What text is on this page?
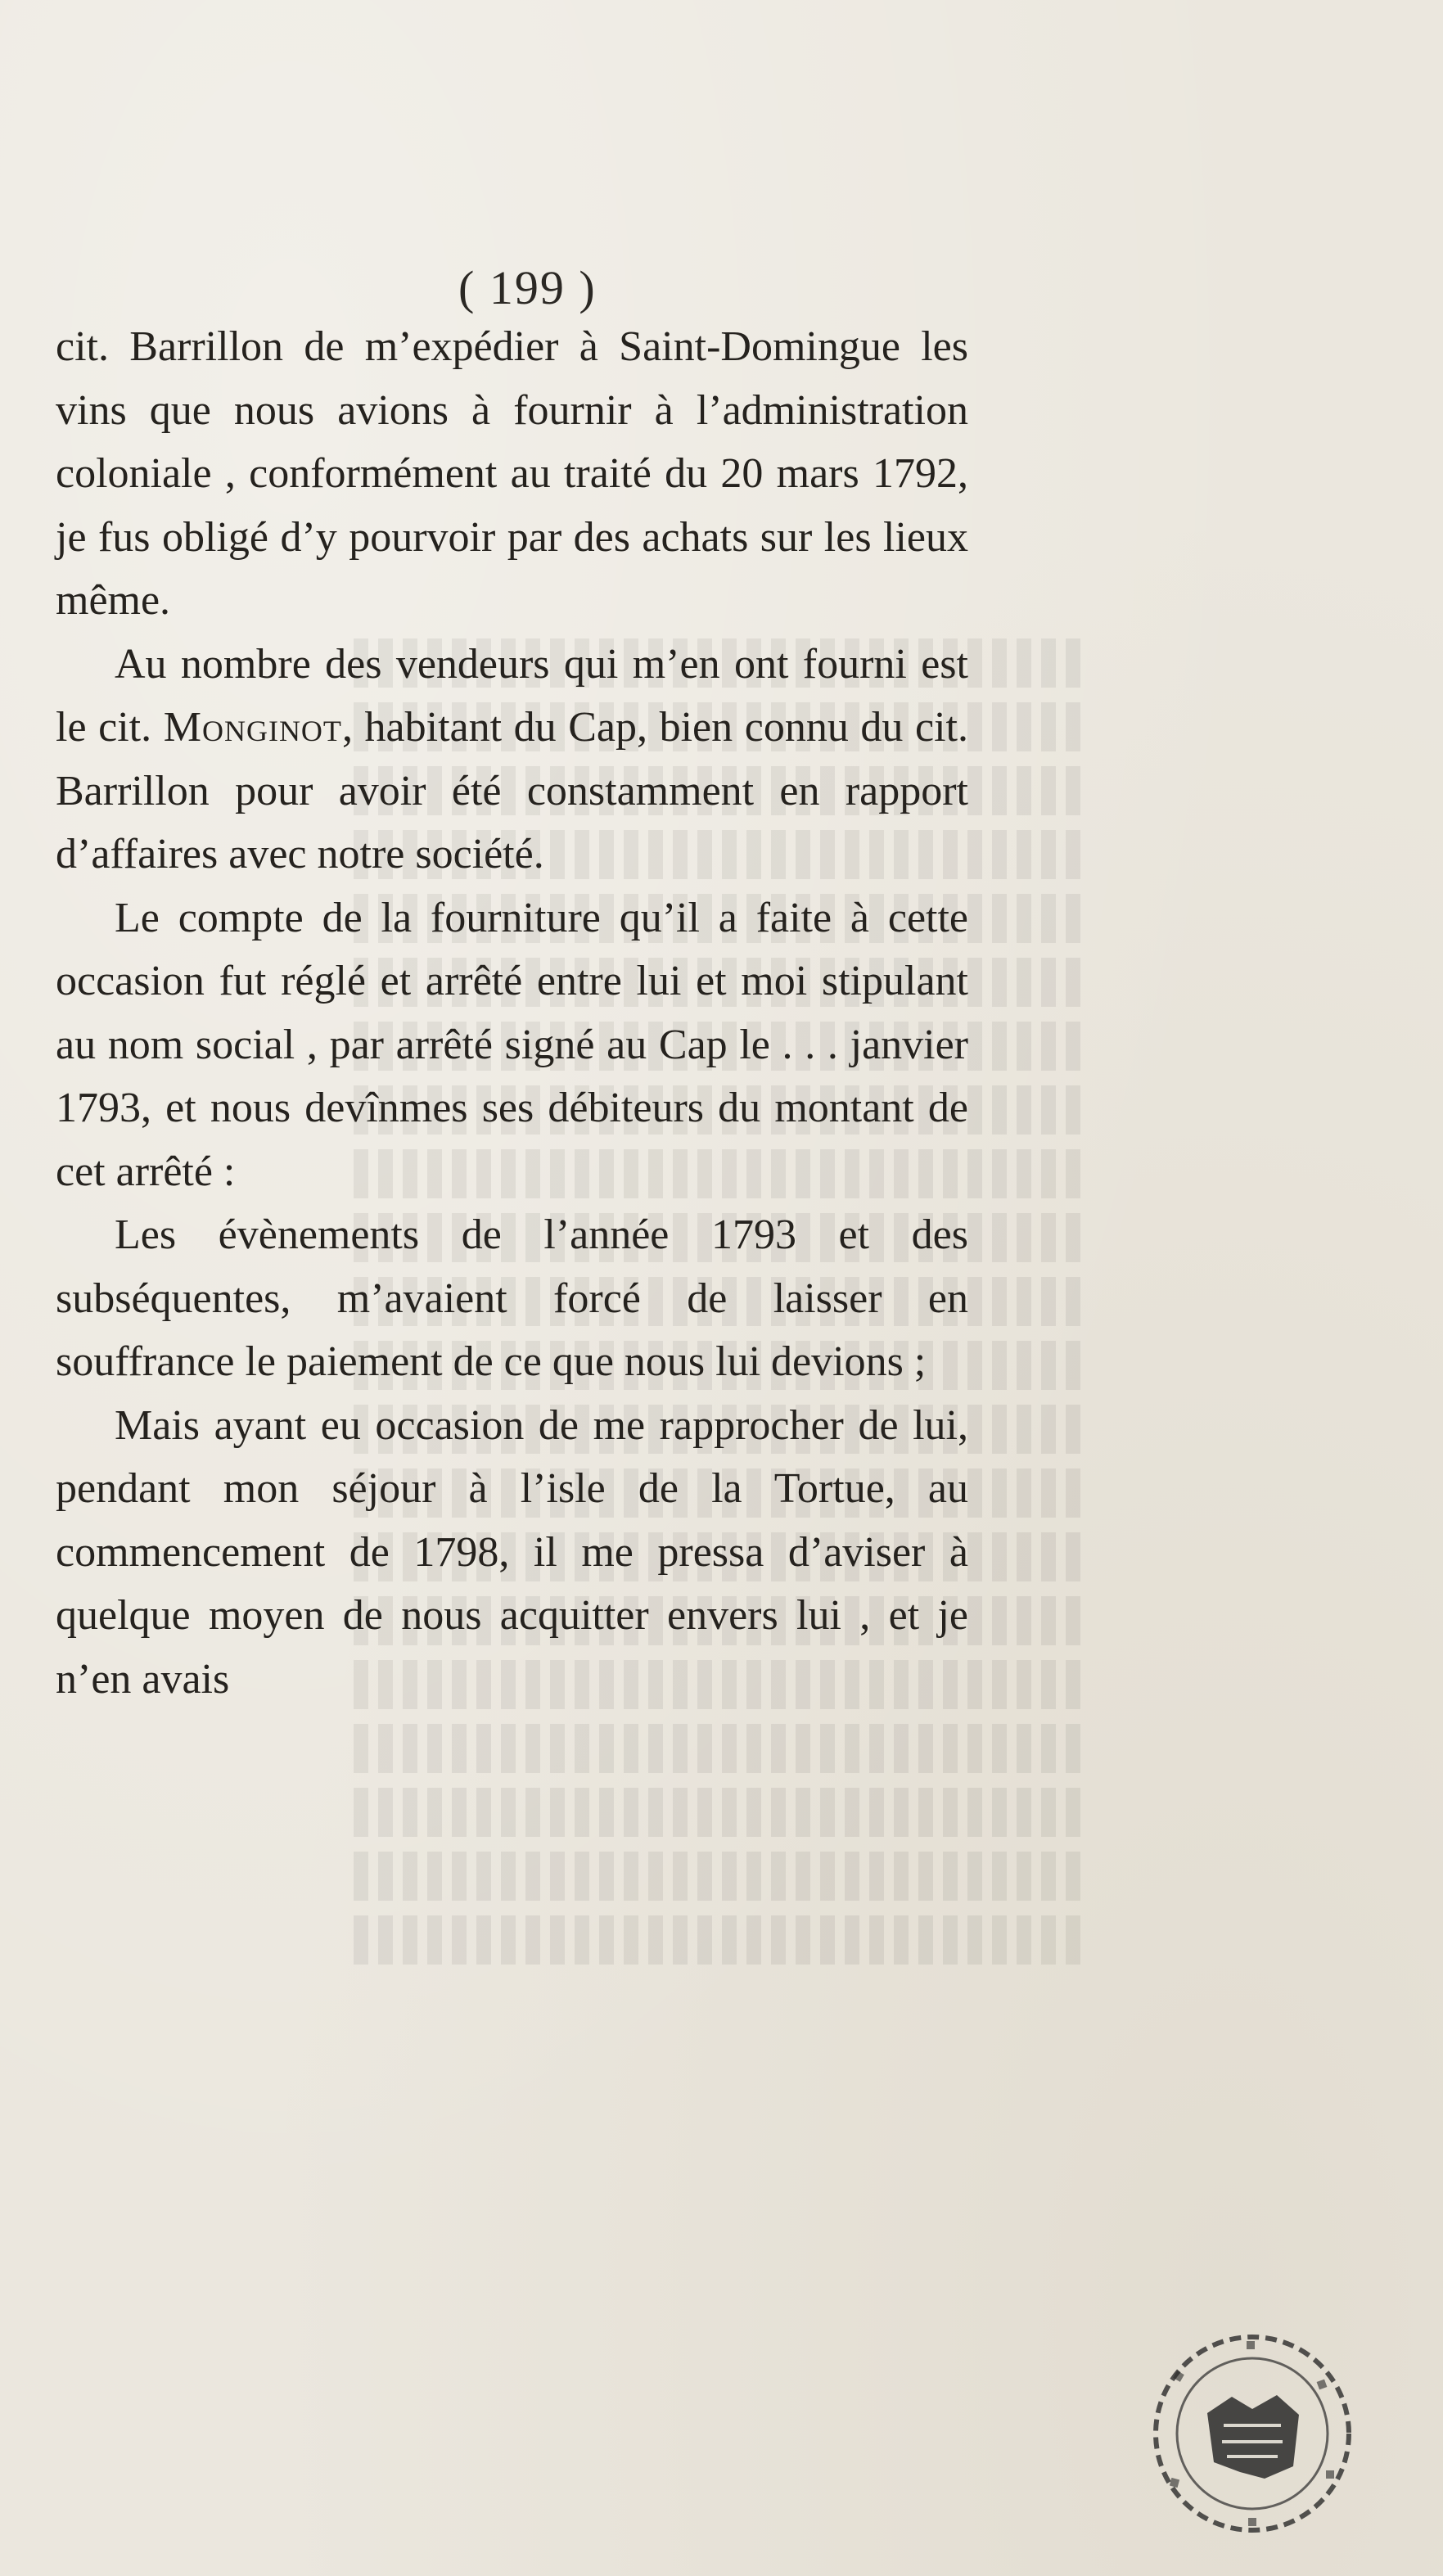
( 199 )

cit. Barrillon de m’expédier à Saint-Domingue les vins que nous avions à fournir à l’administration coloniale , conformément au traité du 20 mars 1792, je fus obligé d’y pourvoir par des achats sur les lieux même.

Au nombre des vendeurs qui m’en ont fourni est le cit. Monginot, habitant du Cap, bien connu du cit. Barrillon pour avoir été constamment en rapport d’affaires avec notre société.

Le compte de la fourniture qu’il a faite à cette occasion fut réglé et arrêté entre lui et moi stipulant au nom social , par arrêté signé au Cap le . . . janvier 1793, et nous devînmes ses débiteurs du montant de cet arrêté :

Les évènements de l’année 1793 et des subséquentes, m’avaient forcé de laisser en souffrance le paiement de ce que nous lui devions ;

Mais ayant eu occasion de me rapprocher de lui, pendant mon séjour à l’isle de la Tortue, au commencement de 1798, il me pressa d’aviser à quelque moyen de nous acquitter envers lui , et je n’en avais
